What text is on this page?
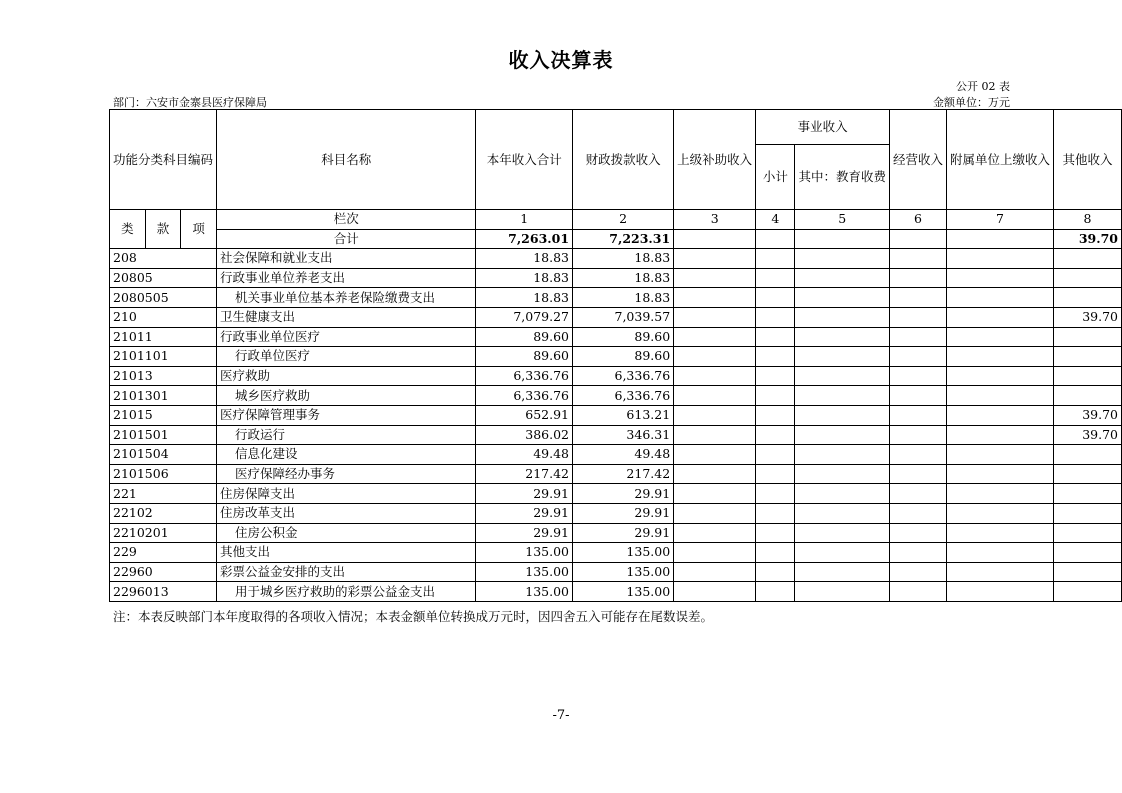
收入决算表
公开 02 表
部门：六安市金寨县医疗保障局	金额单位：万元
功能分类科目编码			科目名称	本年收入合计	财政拨款收入	上级补助收入	事业收入		经营收入	附属单位上缴收入	其他收入
							小计	其中：教育收费			
类	款	项	栏次	1	2	3	4	5	6	7	8
			合计	7,263.01	7,223.31						39.70
208			社会保障和就业支出	18.83	18.83						
20805			行政事业单位养老支出	18.83	18.83						
2080505			机关事业单位基本养老保险缴费支出	18.83	18.83						
210			卫生健康支出	7,079.27	7,039.57						39.70
21011			行政事业单位医疗	89.60	89.60						
2101101			行政单位医疗	89.60	89.60						
21013			医疗救助	6,336.76	6,336.76						
2101301			城乡医疗救助	6,336.76	6,336.76						
21015			医疗保障管理事务	652.91	613.21						39.70
2101501			行政运行	386.02	346.31						39.70
2101504			信息化建设	49.48	49.48						
2101506			医疗保障经办事务	217.42	217.42						
221			住房保障支出	29.91	29.91						
22102			住房改革支出	29.91	29.91						
2210201			住房公积金	29.91	29.91						
229			其他支出	135.00	135.00						
22960			彩票公益金安排的支出	135.00	135.00						
2296013			用于城乡医疗救助的彩票公益金支出	135.00	135.00						
注：本表反映部门本年度取得的各项收入情况；本表金额单位转换成万元时，因四舍五入可能存在尾数误差。
-7-
